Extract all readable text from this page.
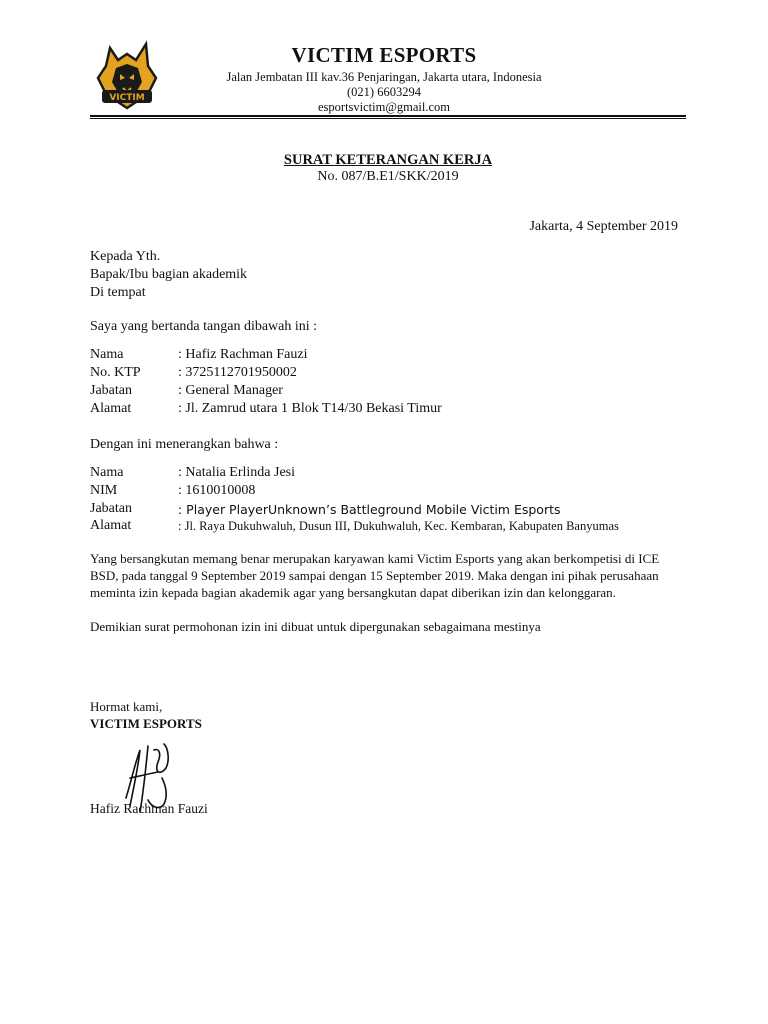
VICTIM
VICTIM ESPORTS
Jalan Jembatan III kav.36 Penjaringan, Jakarta utara, Indonesia
(021) 6603294
esportsvictim@gmail.com
SURAT KETERANGAN KERJA
No. 087/B.E1/SKK/2019
Jakarta, 4 September 2019
Kepada Yth.
Bapak/Ibu bagian akademik
Di tempat
Saya yang bertanda tangan dibawah ini :
Nama	: Hafiz Rachman Fauzi
No. KTP	: 3725112701950002
Jabatan	: General Manager
Alamat	: Jl. Zamrud utara 1 Blok T14/30 Bekasi Timur
Dengan ini menerangkan bahwa :
Nama	: Natalia Erlinda Jesi
NIM	: 1610010008
Jabatan	: Player PlayerUnknown’s Battleground Mobile Victim Esports
Alamat	: Jl. Raya Dukuhwaluh, Dusun III, Dukuhwaluh, Kec. Kembaran, Kabupaten Banyumas
Yang bersangkutan memang benar merupakan karyawan kami Victim Esports yang akan berkompetisi di ICE
BSD, pada tanggal 9 September 2019 sampai dengan 15 September 2019. Maka dengan ini pihak perusahaan
meminta izin kepada bagian akademik agar yang bersangkutan dapat diberikan izin dan kelonggaran.
Demikian surat permohonan izin ini dibuat untuk dipergunakan sebagaimana mestinya
Hormat kami,
VICTIM ESPORTS
Hafiz Rachman Fauzi
